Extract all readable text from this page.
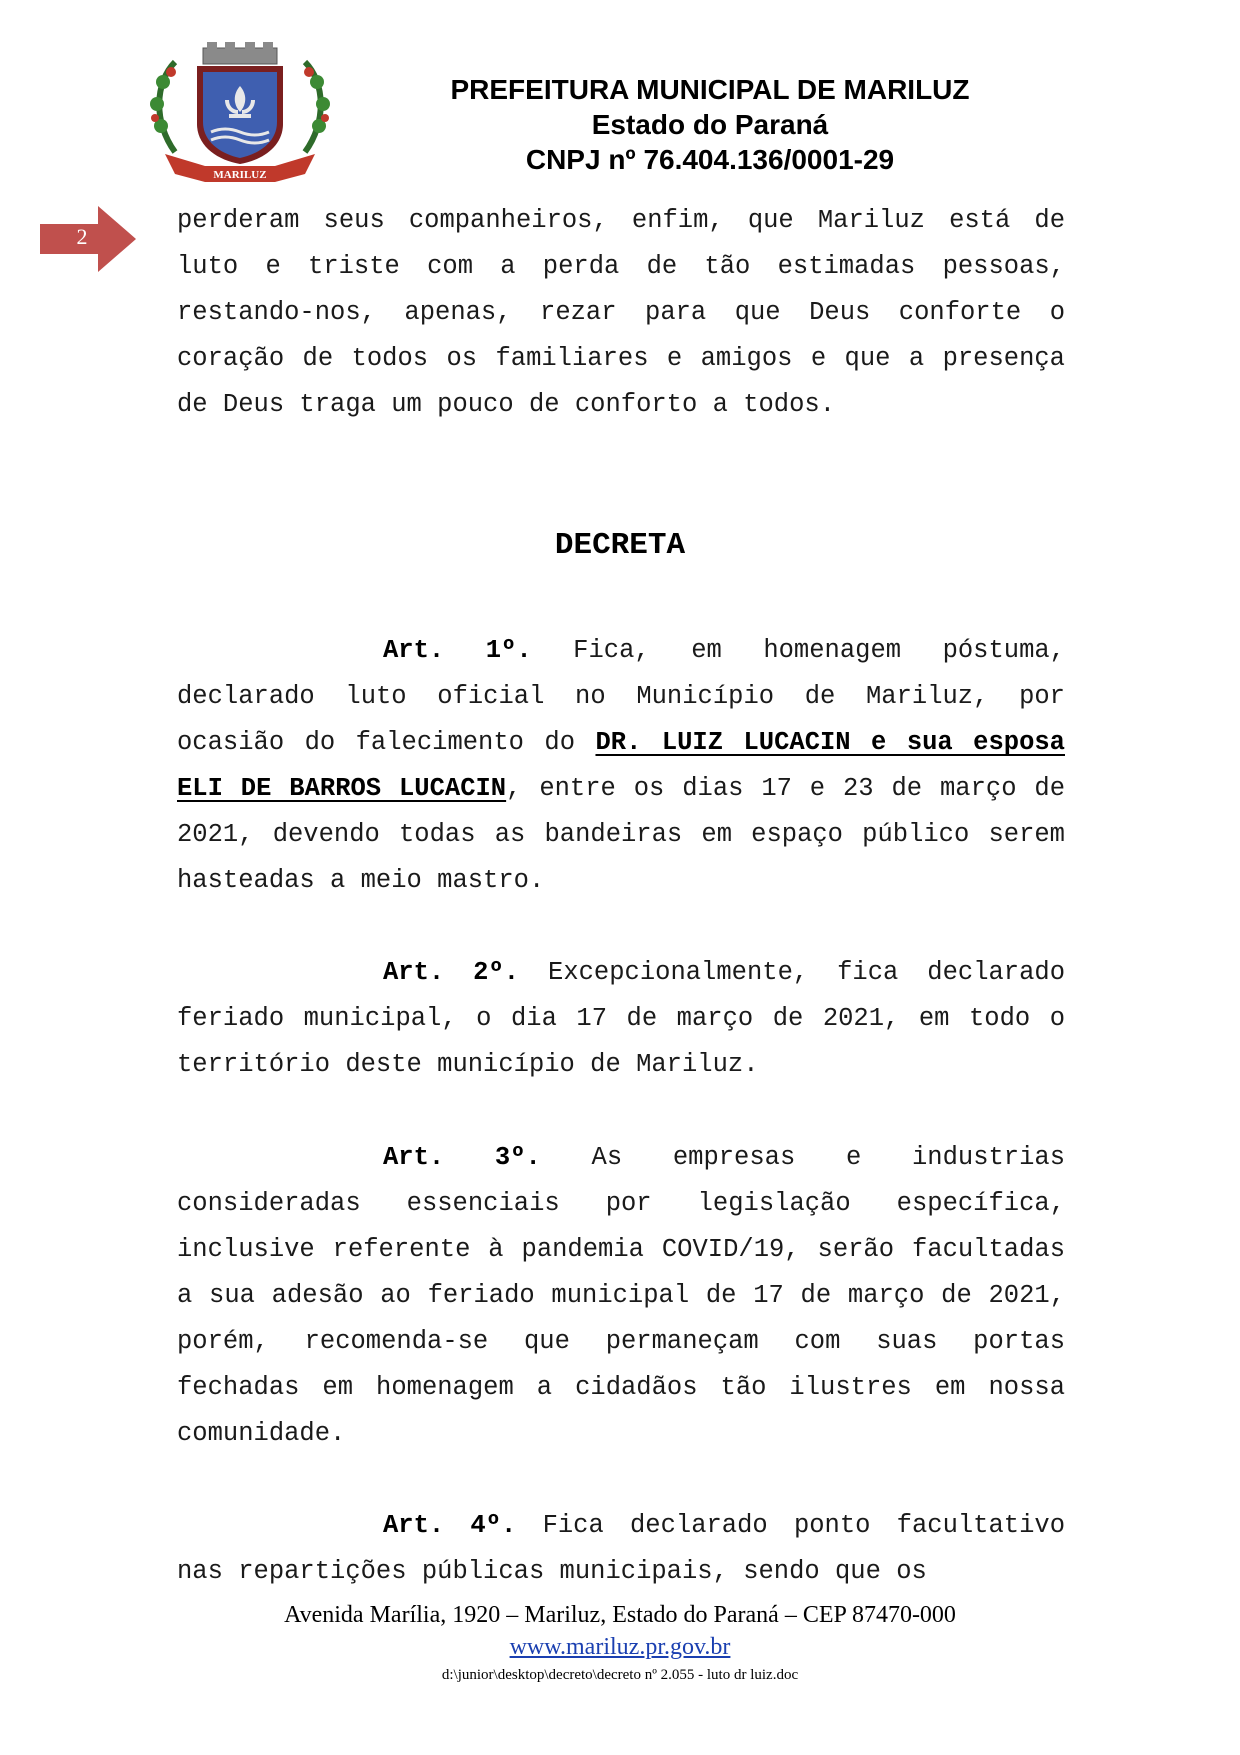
MARILUZ
PREFEITURA MUNICIPAL DE MARILUZ
Estado do Paraná
CNPJ nº 76.404.136/0001-29
2
perderam seus companheiros, enfim, que Mariluz está de luto e triste com a perda de tão estimadas pessoas, restando-nos, apenas, rezar para que Deus conforte o coração de todos os familiares e amigos e que a presença de Deus traga um pouco de conforto a todos.
DECRETA
Art. 1º. Fica, em homenagem póstuma, declarado luto oficial no Município de Mariluz, por ocasião do falecimento do DR. LUIZ LUCACIN e sua esposa ELI DE BARROS LUCACIN, entre os dias 17 e 23 de março de 2021, devendo todas as bandeiras em espaço público serem hasteadas a meio mastro.
Art. 2º. Excepcionalmente, fica declarado feriado municipal, o dia 17 de março de 2021, em todo o território deste município de Mariluz.
Art. 3º. As empresas e industrias consideradas essenciais por legislação específica, inclusive referente à pandemia COVID/19, serão facultadas a sua adesão ao feriado municipal de 17 de março de 2021, porém, recomenda-se que permaneçam com suas portas fechadas em homenagem a cidadãos tão ilustres em nossa comunidade.
Art. 4º. Fica declarado ponto facultativo nas repartições públicas municipais, sendo que os
Avenida Marília, 1920 – Mariluz, Estado do Paraná – CEP 87470-000
www.mariluz.pr.gov.br
d:\junior\desktop\decreto\decreto nº 2.055 - luto dr luiz.doc
